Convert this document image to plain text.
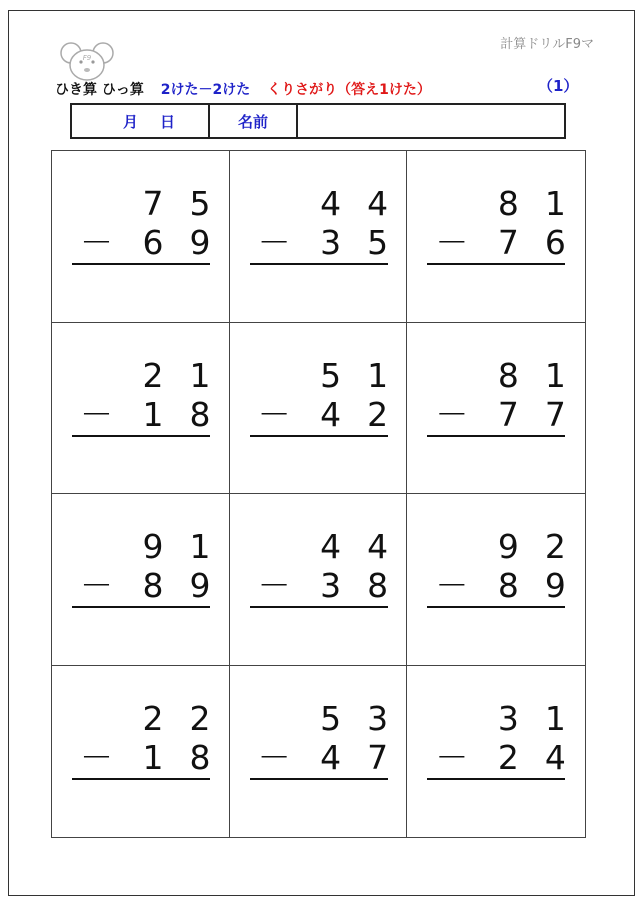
F9
計算ドリルF9マ
ひき算 ひっ算 2けた－2けた くりさがり（答え1けた）	（1）
月 日	名前
7 5
－ 6 9
4 4
－ 3 5
8 1
－ 7 6
2 1
－ 1 8
5 1
－ 4 2
8 1
－ 7 7
9 1
－ 8 9
4 4
－ 3 8
9 2
－ 8 9
2 2
－ 1 8
5 3
－ 4 7
3 1
－ 2 4
